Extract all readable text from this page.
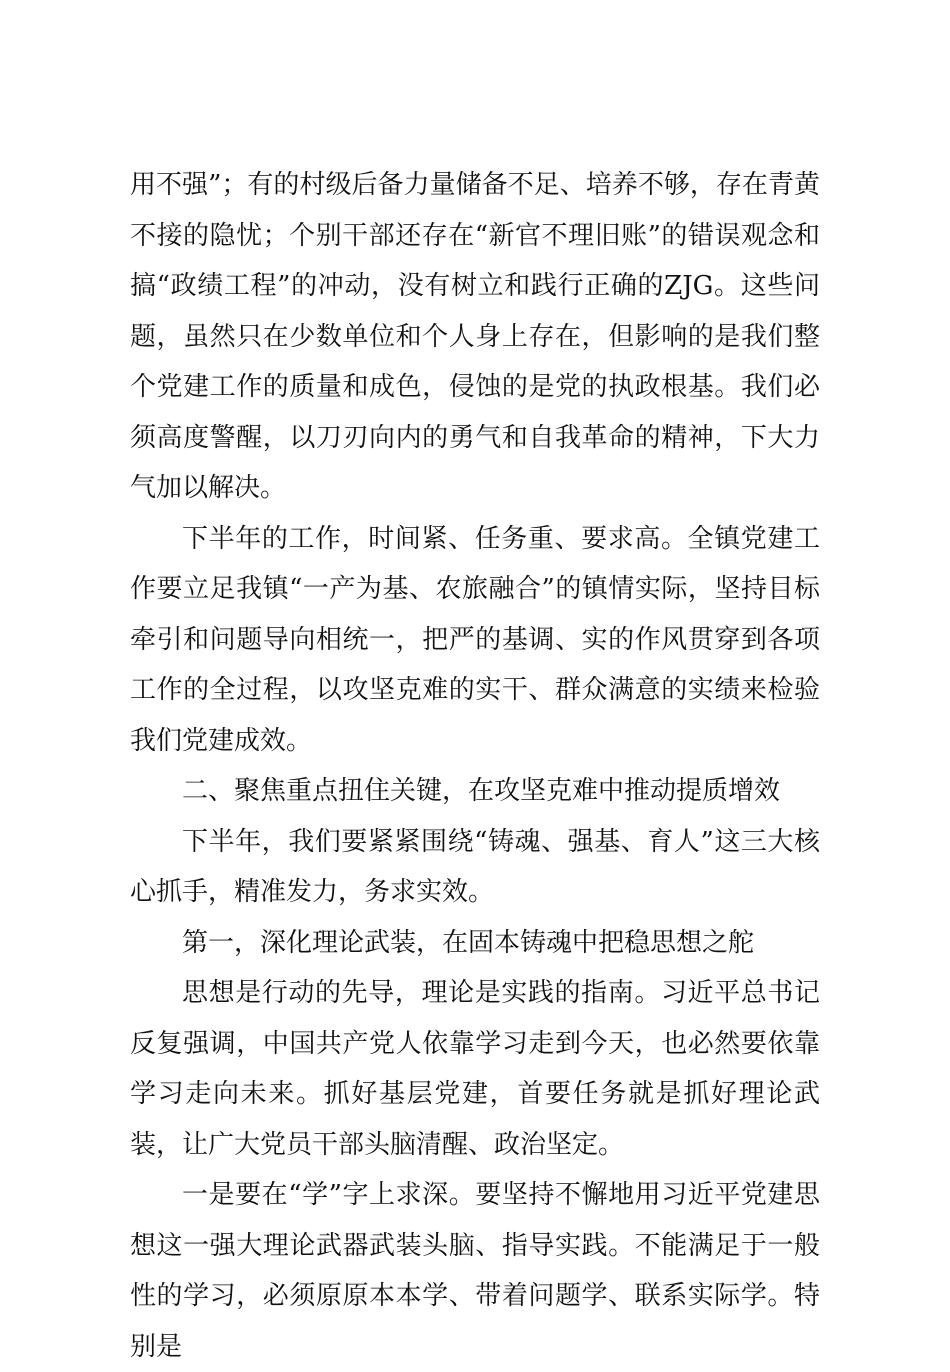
用不强”；有的村级后备力量储备不足、培养不够，存在青黄不接的隐忧；个别干部还存在“新官不理旧账”的错误观念和搞“政绩工程”的冲动，没有树立和践行正确的ZJG。这些问题，虽然只在少数单位和个人身上存在，但影响的是我们整个党建工作的质量和成色，侵蚀的是党的执政根基。我们必须高度警醒，以刀刃向内的勇气和自我革命的精神，下大力气加以解决。

下半年的工作，时间紧、任务重、要求高。全镇党建工作要立足我镇“一产为基、农旅融合”的镇情实际，坚持目标牵引和问题导向相统一，把严的基调、实的作风贯穿到各项工作的全过程，以攻坚克难的实干、群众满意的实绩来检验我们党建成效。

二、聚焦重点扭住关键，在攻坚克难中推动提质增效

下半年，我们要紧紧围绕“铸魂、强基、育人”这三大核心抓手，精准发力，务求实效。

第一，深化理论武装，在固本铸魂中把稳思想之舵

思想是行动的先导，理论是实践的指南。习近平总书记反复强调，中国共产党人依靠学习走到今天，也必然要依靠学习走向未来。抓好基层党建，首要任务就是抓好理论武装，让广大党员干部头脑清醒、政治坚定。

一是要在“学”字上求深。要坚持不懈地用习近平党建思想这一强大理论武器武装头脑、指导实践。不能满足于一般性的学习，必须原原本本学、带着问题学、联系实际学。特别是
